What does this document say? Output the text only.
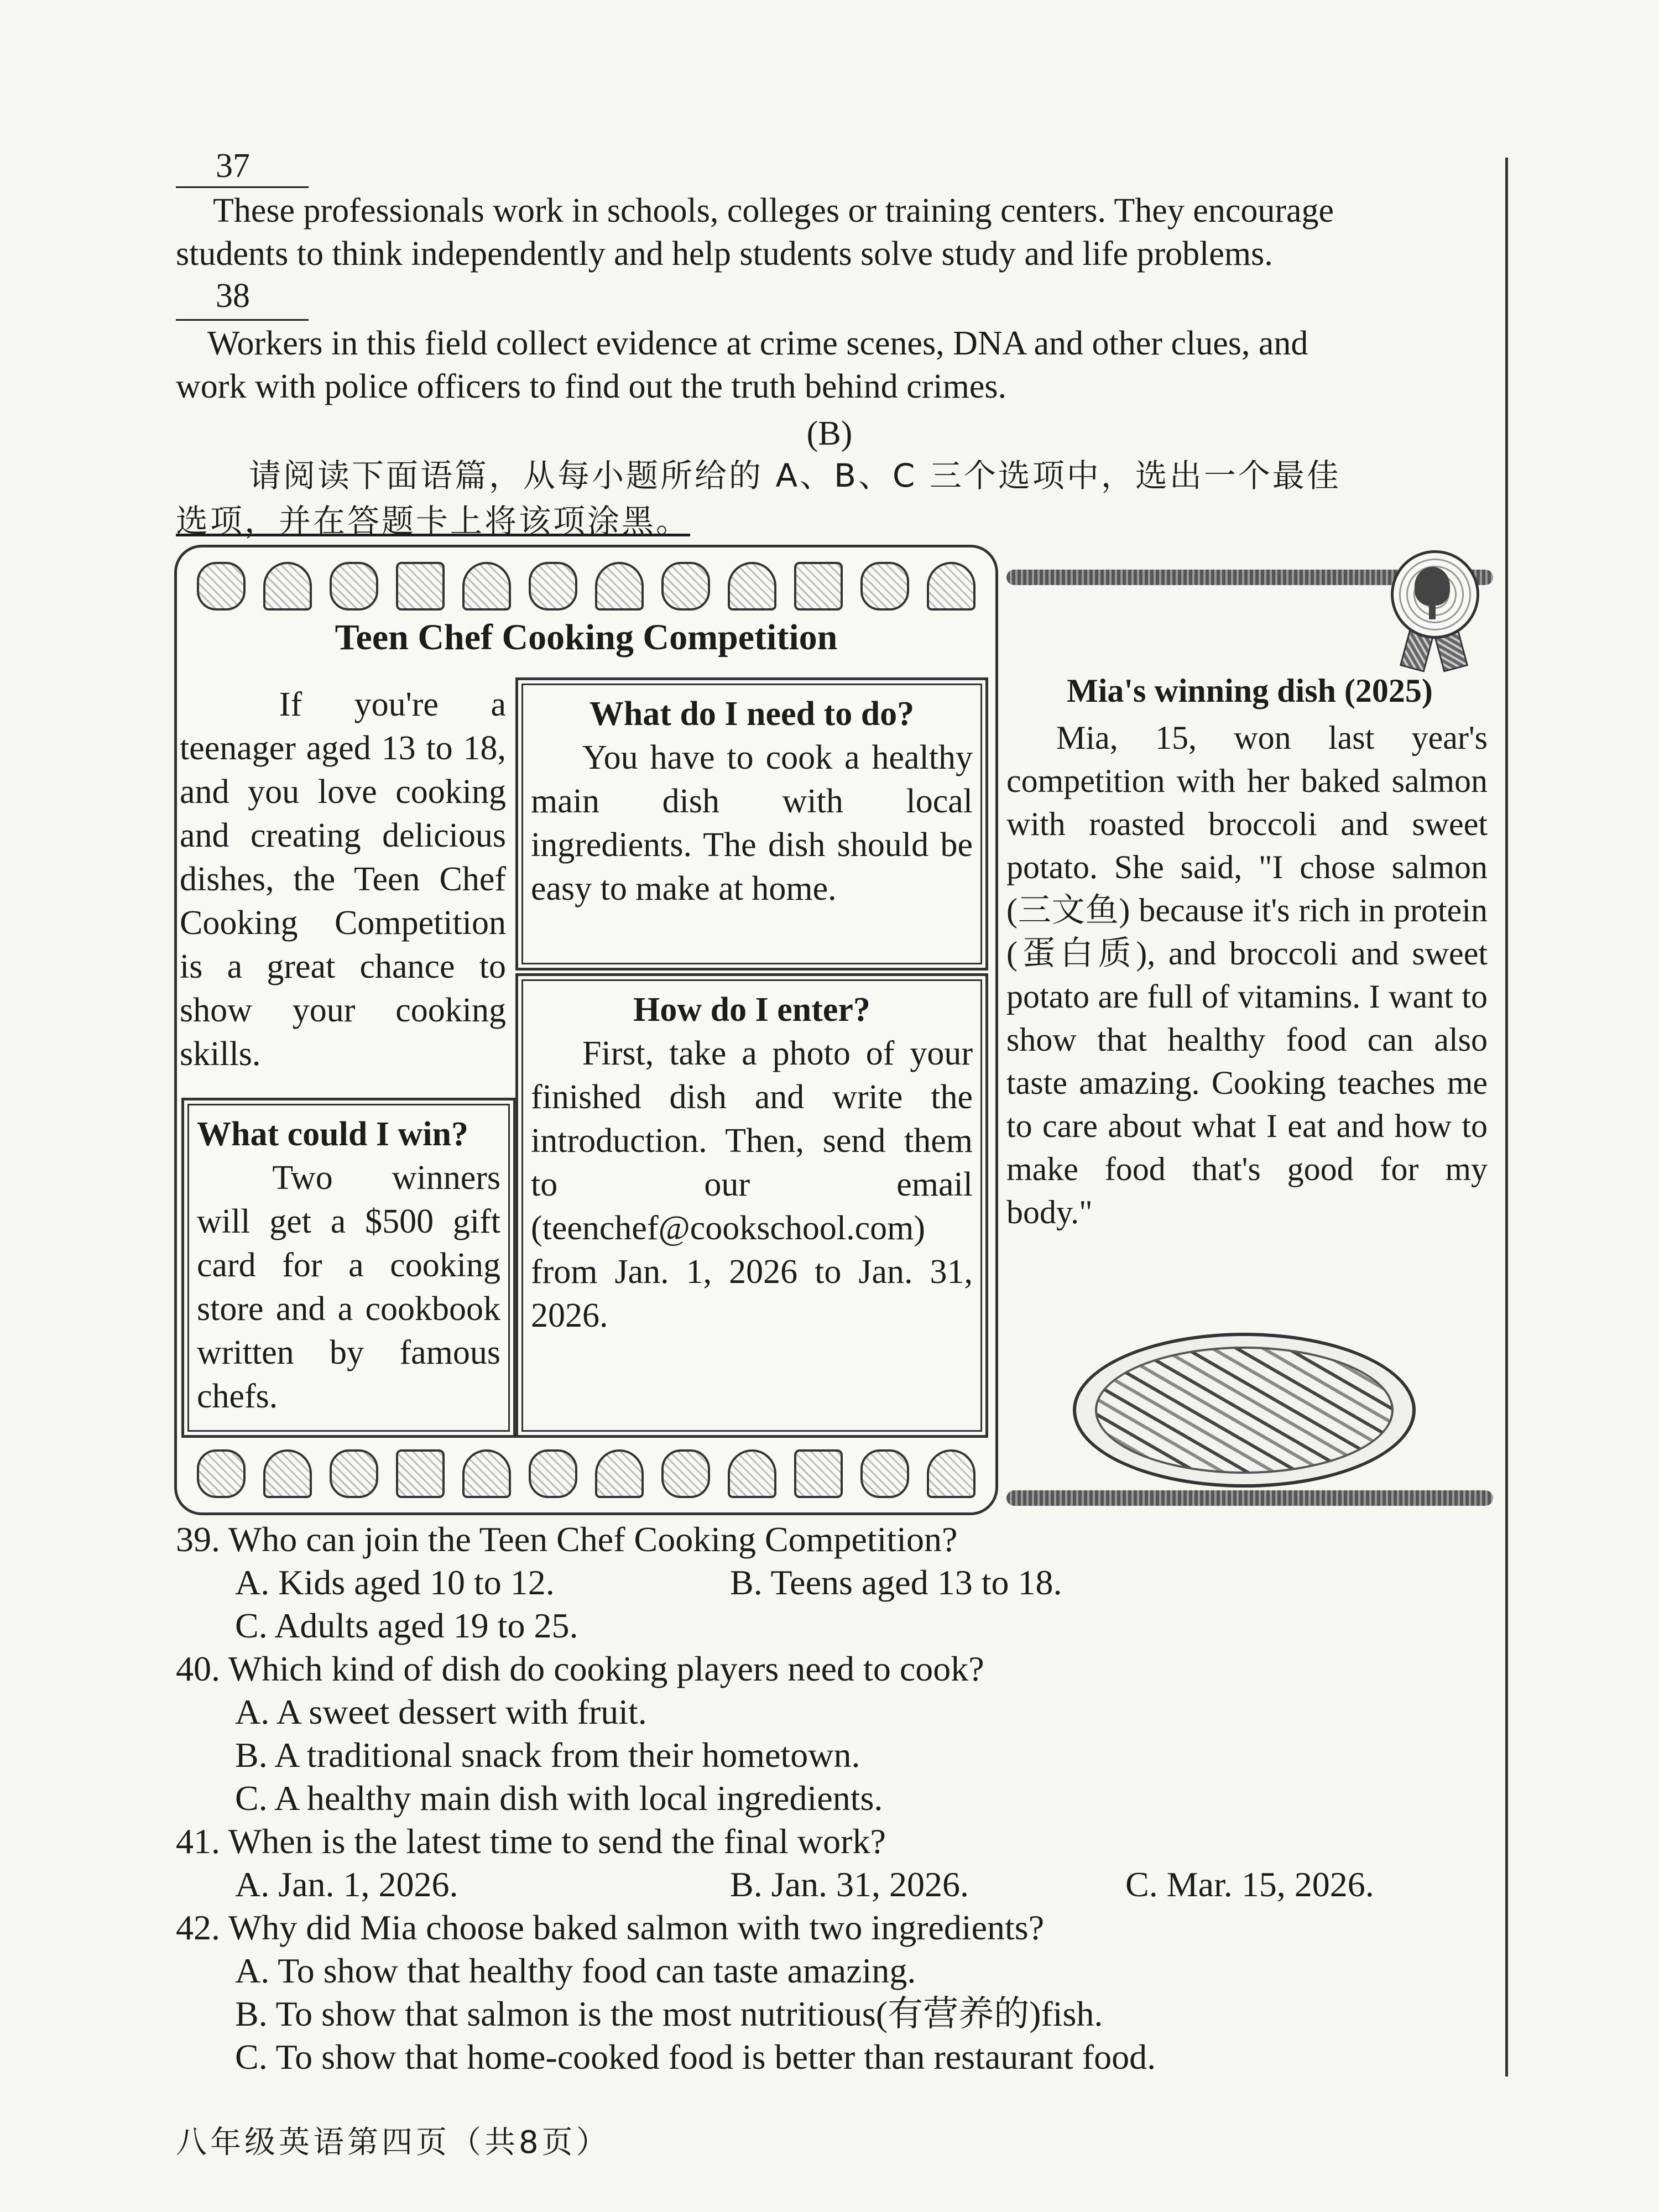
37
These professionals work in schools, colleges or training centers. They encourage
students to think independently and help students solve study and life problems.
38
Workers in this field collect evidence at crime scenes, DNA and other clues, and
work with police officers to find out the truth behind crimes.
(B)
请阅读下面语篇，从每小题所给的 A、B、C 三个选项中，选出一个最佳
选项，并在答题卡上将该项涂黑。
Teen Chef Cooking Competition

If you're a teenager aged 13 to 18, and you love cooking and creating delicious dishes, the Teen Chef Cooking Competition is a great chance to show your cooking skills.

What could I win?

Two winners will get a $500 gift card for a cooking store and a cookbook written by famous chefs.

What do I need to do?

You have to cook a healthy main dish with local ingredients. The dish should be easy to make at home.

How do I enter?

First, take a photo of your finished dish and write the introduction. Then, send them to our email (teenchef@cookschool.com) from Jan. 1, 2026 to Jan. 31, 2026.

Mia's winning dish (2025)

Mia, 15, won last year's competition with her baked salmon with roasted broccoli and sweet potato. She said, "I chose salmon (三文鱼) because it's rich in protein (蛋白质), and broccoli and sweet potato are full of vitamins. I want to show that healthy food can also taste amazing. Cooking teaches me to care about what I eat and how to make food that's good for my body."

39. Who can join the Teen Chef Cooking Competition?
A. Kids aged 10 to 12.	B. Teens aged 13 to 18.
C. Adults aged 19 to 25.
40. Which kind of dish do cooking players need to cook?
A. A sweet dessert with fruit.
B. A traditional snack from their hometown.
C. A healthy main dish with local ingredients.
41. When is the latest time to send the final work?
A. Jan. 1, 2026.	B. Jan. 31, 2026.	C. Mar. 15, 2026.
42. Why did Mia choose baked salmon with two ingredients?
A. To show that healthy food can taste amazing.
B. To show that salmon is the most nutritious(有营养的)fish.
C. To show that home-cooked food is better than restaurant food.
八年级英语第四页（共8页）
